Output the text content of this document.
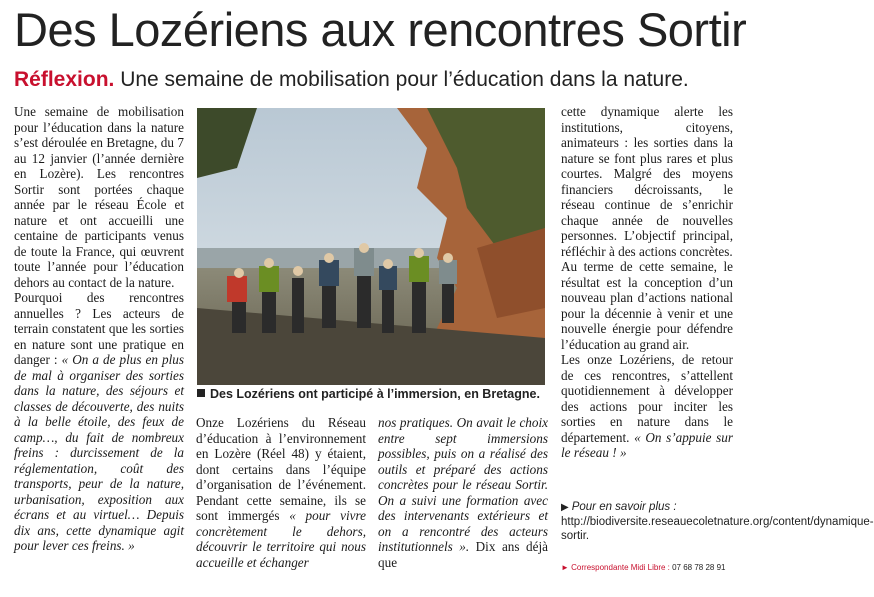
Des Lozériens aux rencontres Sortir
Réflexion. Une semaine de mobilisation pour l’éducation dans la nature.

Une semaine de mobilisation pour l’éducation dans la nature s’est déroulée en Bretagne, du 7 au 12 janvier (l’année dernière en Lozère). Les rencontres Sortir sont portées chaque année par le réseau École et nature et ont accueilli une centaine de participants venus de toute la France, qui œuvrent toute l’année pour l’éducation dehors au contact de la nature.

Pourquoi des rencontres annuelles ? Les acteurs de terrain constatent que les sorties en nature sont une pratique en danger : « On a de plus en plus de mal à organiser des sorties dans la nature, des séjours et classes de découverte, des nuits à la belle étoile, des feux de camp…, du fait de nombreux freins : durcissement de la réglementation, coût des transports, peur de la nature, urbanisation, exposition aux écrans et au virtuel… Depuis dix ans, cette dynamique agit pour lever ces freins. »

Des Lozériens ont participé à l’immersion, en Bretagne.

Onze Lozériens du Réseau d’éducation à l’environnement en Lozère (Réel 48) y étaient, dont certains dans l’équipe d’organisation de l’événement. Pendant cette semaine, ils se sont immergés « pour vivre concrètement le dehors, découvrir le territoire qui nous accueille et échanger

nos pratiques. On avait le choix entre sept immersions possibles, puis on a réalisé des outils et préparé des actions concrètes pour le réseau Sortir. On a suivi une formation avec des intervenants extérieurs et on a rencontré des acteurs institutionnels ». Dix ans déjà que

cette dynamique alerte les institutions, citoyens, animateurs : les sorties dans la nature se font plus rares et plus courtes. Malgré des moyens financiers décroissants, le réseau continue de s’enrichir chaque année de nouvelles personnes. L’objectif principal, réfléchir à des actions concrètes.

Au terme de cette semaine, le résultat est la conception d’un nouveau plan d’actions national pour la décennie à venir et une nouvelle énergie pour défendre l’éducation au grand air.

Les onze Lozériens, de retour de ces rencontres, s’attellent quotidiennement à développer des actions pour inciter les sorties en nature dans le département. « On s’appuie sur le réseau ! »

▶ Pour en savoir plus :
http://biodiversite.reseauecoletnature.org/content/dynamique-sortir.
► Correspondante Midi Libre : 07 68 78 28 91
